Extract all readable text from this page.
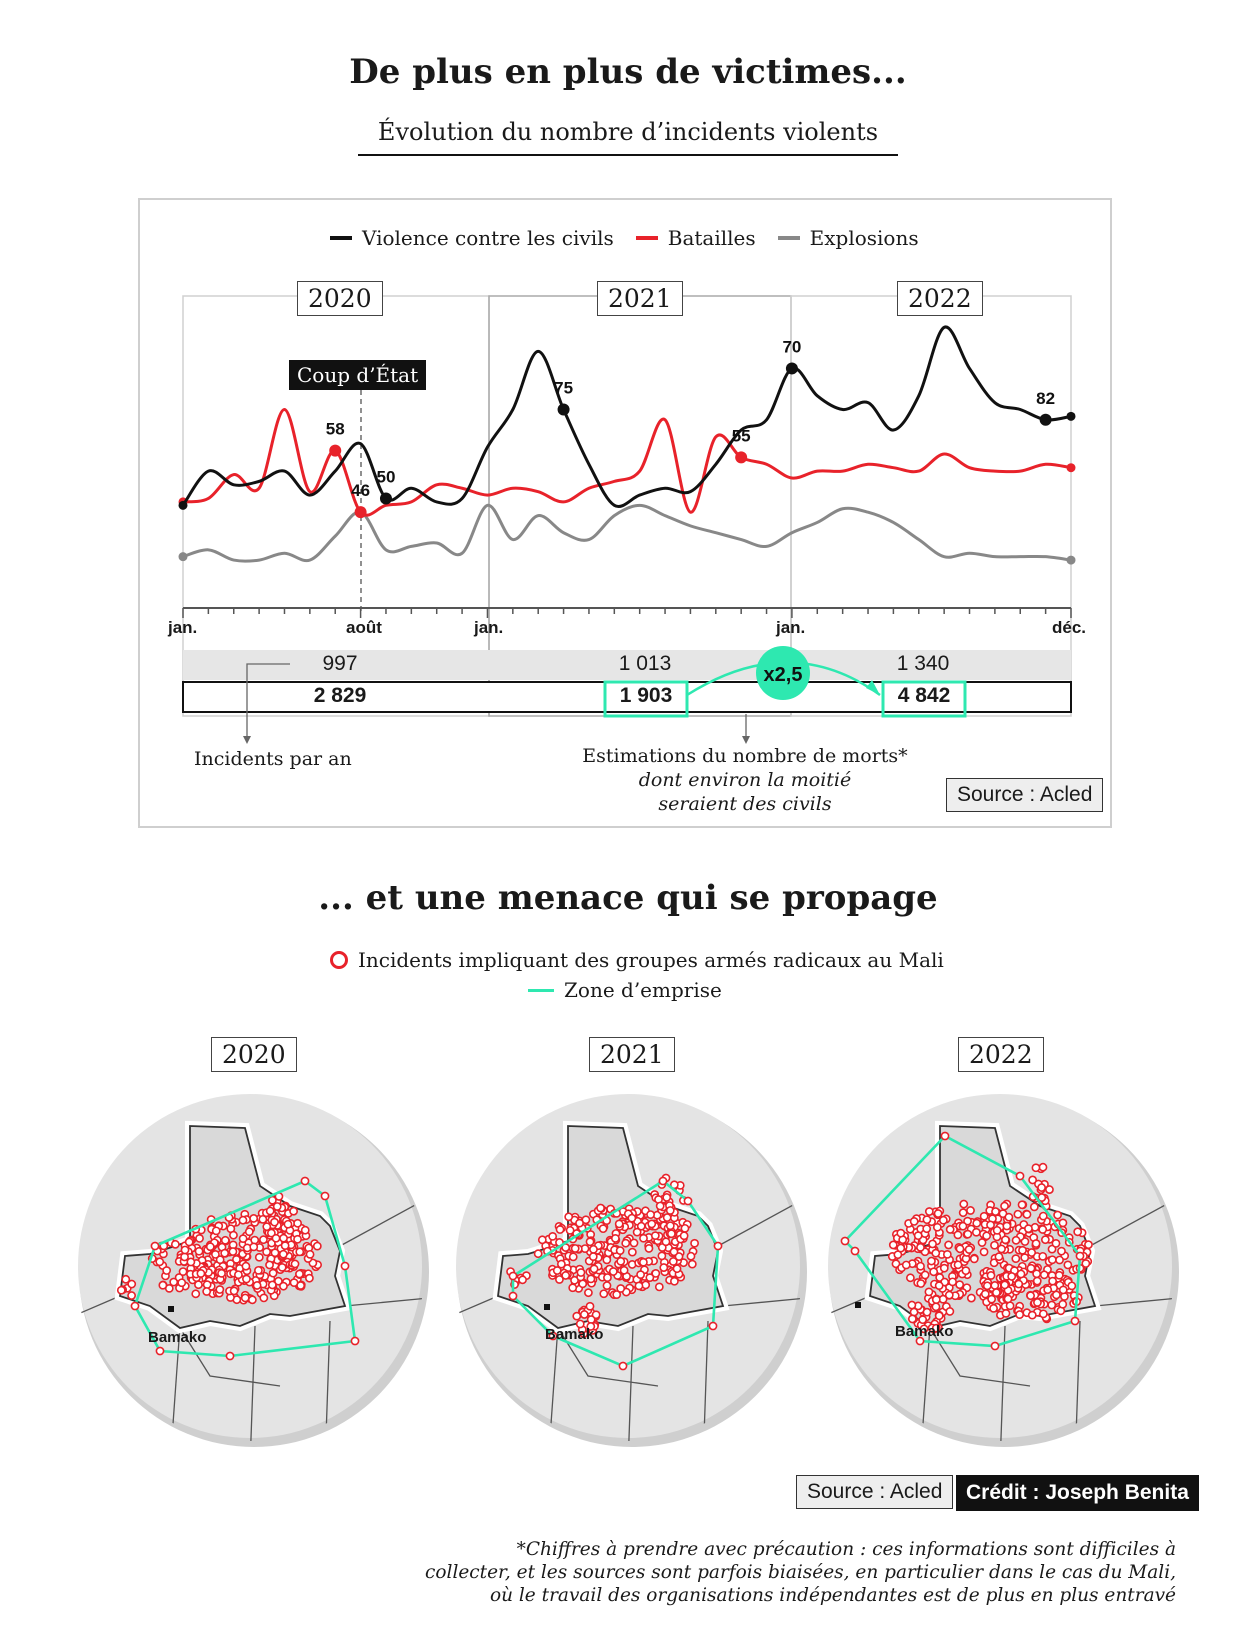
De plus en plus de victimes...
Évolution du nombre d’incidents violents
Violence contre les civils	Batailles	Explosions
50
75
70
82
58
46
55
x2,5
2020	2021	2022
Coup d’État
jan.	août	jan.	jan.	déc.
997	1 013	1 340
2 829	1 903	4 842
Incidents par an	Estimations du nombre de morts*
dont environ la moitié
seraient des civils	Source : Acled
... et une menace qui se propage
Incidents impliquant des groupes armés radicaux au Mali
Zone d’emprise
2020	2021	2022
Bamako	Bamako	Bamako
Source : Acled	Crédit : Joseph Benita
*Chiffres à prendre avec précaution : ces informations sont difficiles à
collecter, et les sources sont parfois biaisées, en particulier dans le cas du Mali,
où le travail des organisations indépendantes est de plus en plus entravé
